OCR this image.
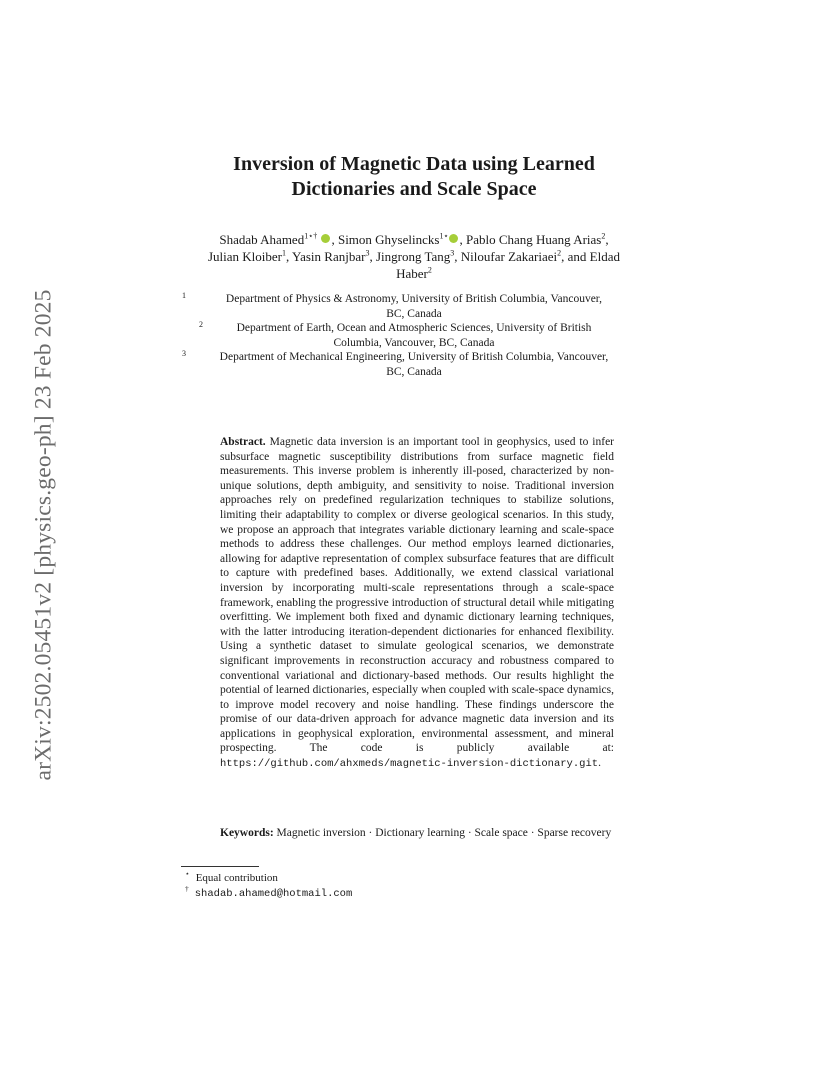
arXiv:2502.05451v2 [physics.geo-ph] 23 Feb 2025
Inversion of Magnetic Data using Learned
Dictionaries and Scale Space
Shadab Ahamed$^{1⋆\dagger}$ , Simon Ghyselincks$^{1⋆}$ , Pablo Chang Huang Arias$^2$,
Julian Kloiber$^1$, Yasin Ranjbar$^3$, Jingrong Tang$^3$, Niloufar Zakariaei$^2$, and Eldad
Haber$^2$
1	Department of Physics & Astronomy, University of British Columbia, Vancouver,
BC, Canada
2	Department of Earth, Ocean and Atmospheric Sciences, University of British
Columbia, Vancouver, BC, Canada
3	Department of Mechanical Engineering, University of British Columbia, Vancouver,
BC, Canada
Abstract. Magnetic data inversion is an important tool in geophysics, used to infer subsurface magnetic susceptibility distributions from surface magnetic field measurements. This inverse problem is inherently ill-posed, characterized by non-unique solutions, depth ambiguity, and sensitivity to noise. Traditional inversion approaches rely on predefined regularization techniques to stabilize solutions, limiting their adaptability to complex or diverse geological scenarios. In this study, we propose an approach that integrates variable dictionary learning and scale-space methods to address these challenges. Our method employs learned dictionaries, allowing for adaptive representation of complex subsurface features that are difficult to capture with predefined bases. Additionally, we extend classical variational inversion by incorporating multi-scale representations through a scale-space framework, enabling the progressive introduction of structural detail while mitigating overfitting. We implement both fixed and dynamic dictionary learning techniques, with the latter introducing iteration-dependent dictionaries for enhanced flexibility. Using a synthetic dataset to simulate geological scenarios, we demonstrate significant improvements in reconstruction accuracy and robustness compared to conventional variational and dictionary-based methods. Our results highlight the potential of learned dictionaries, especially when coupled with scale-space dynamics, to improve model recovery and noise handling. These findings underscore the promise of our data-driven approach for advance magnetic data inversion and its applications in geophysical exploration, environmental assessment, and mineral prospecting. The code is publicly available at: https://github.com/ahxmeds/magnetic-inversion-dictionary.git.
Keywords: Magnetic inversion · Dictionary learning · Scale space · Sparse recovery
⋆ Equal contribution
† shadab.ahamed@hotmail.com
